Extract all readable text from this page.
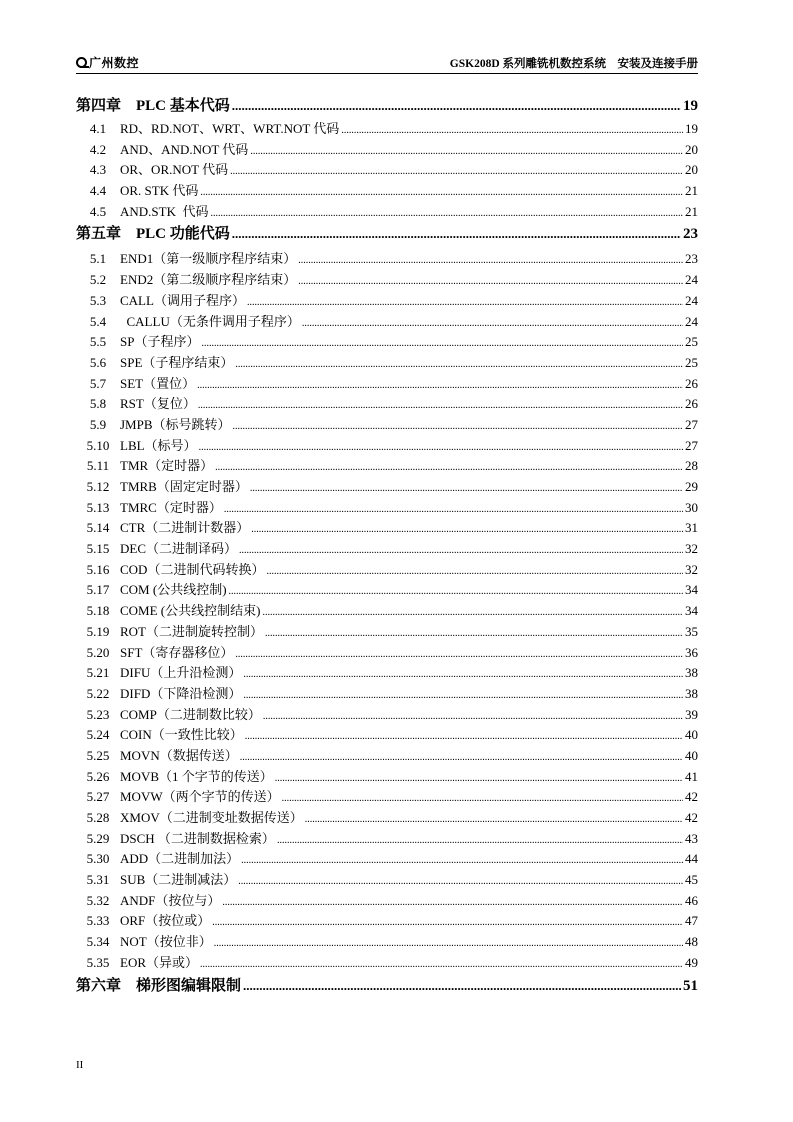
广州数控	GSK208D 系列雕铣机数控系统　安装及连接手册
第四章　PLC 基本代码 .....	19
4.1	RD、RD.NOT、WRT、WRT.NOT 代码 .....	19
4.2	AND、AND.NOT 代码 .....	20
4.3	OR、OR.NOT 代码 .....	20
4.4	OR. STK 代码 .....	21
4.5	AND.STK  代码 .....	21
第五章　PLC 功能代码 .....	23
5.1	END1（第一级顺序程序结束） .....	23
5.2	END2（第二级顺序程序结束） .....	24
5.3	CALL（调用子程序） .....	24
5.4	CALLU（无条件调用子程序） .....	24
5.5	SP（子程序） .....	25
5.6	SPE（子程序结束） .....	25
5.7	SET（置位） .....	26
5.8	RST（复位） .....	26
5.9	JMPB（标号跳转） .....	27
5.10 LBL（标号） .....	27
5.11 TMR（定时器） .....	28
5.12 TMRB（固定定时器） .....	29
5.13 TMRC（定时器） .....	30
5.14 CTR（二进制计数器） .....	31
5.15 DEC（二进制译码） .....	32
5.16 COD（二进制代码转换） .....	32
5.17 COM (公共线控制) .....	34
5.18 COME (公共线控制结束) .....	34
5.19 ROT（二进制旋转控制） .....	35
5.20 SFT（寄存器移位） .....	36
5.21 DIFU（上升沿检测） .....	38
5.22 DIFD（下降沿检测） .....	38
5.23 COMP（二进制数比较） .....	39
5.24 COIN（一致性比较） .....	40
5.25 MOVN（数据传送） .....	40
5.26 MOVB（1 个字节的传送） .....	41
5.27 MOVW（两个字节的传送） .....	42
5.28 XMOV（二进制变址数据传送） .....	42
5.29 DSCH （二进制数据检索） .....	43
5.30 ADD（二进制加法） .....	44
5.31 SUB（二进制减法） .....	45
5.32 ANDF（按位与） .....	46
5.33 ORF（按位或） .....	47
5.34 NOT（按位非） .....	48
5.35 EOR（异或） .....	49
第六章　梯形图编辑限制 .....	51
II
